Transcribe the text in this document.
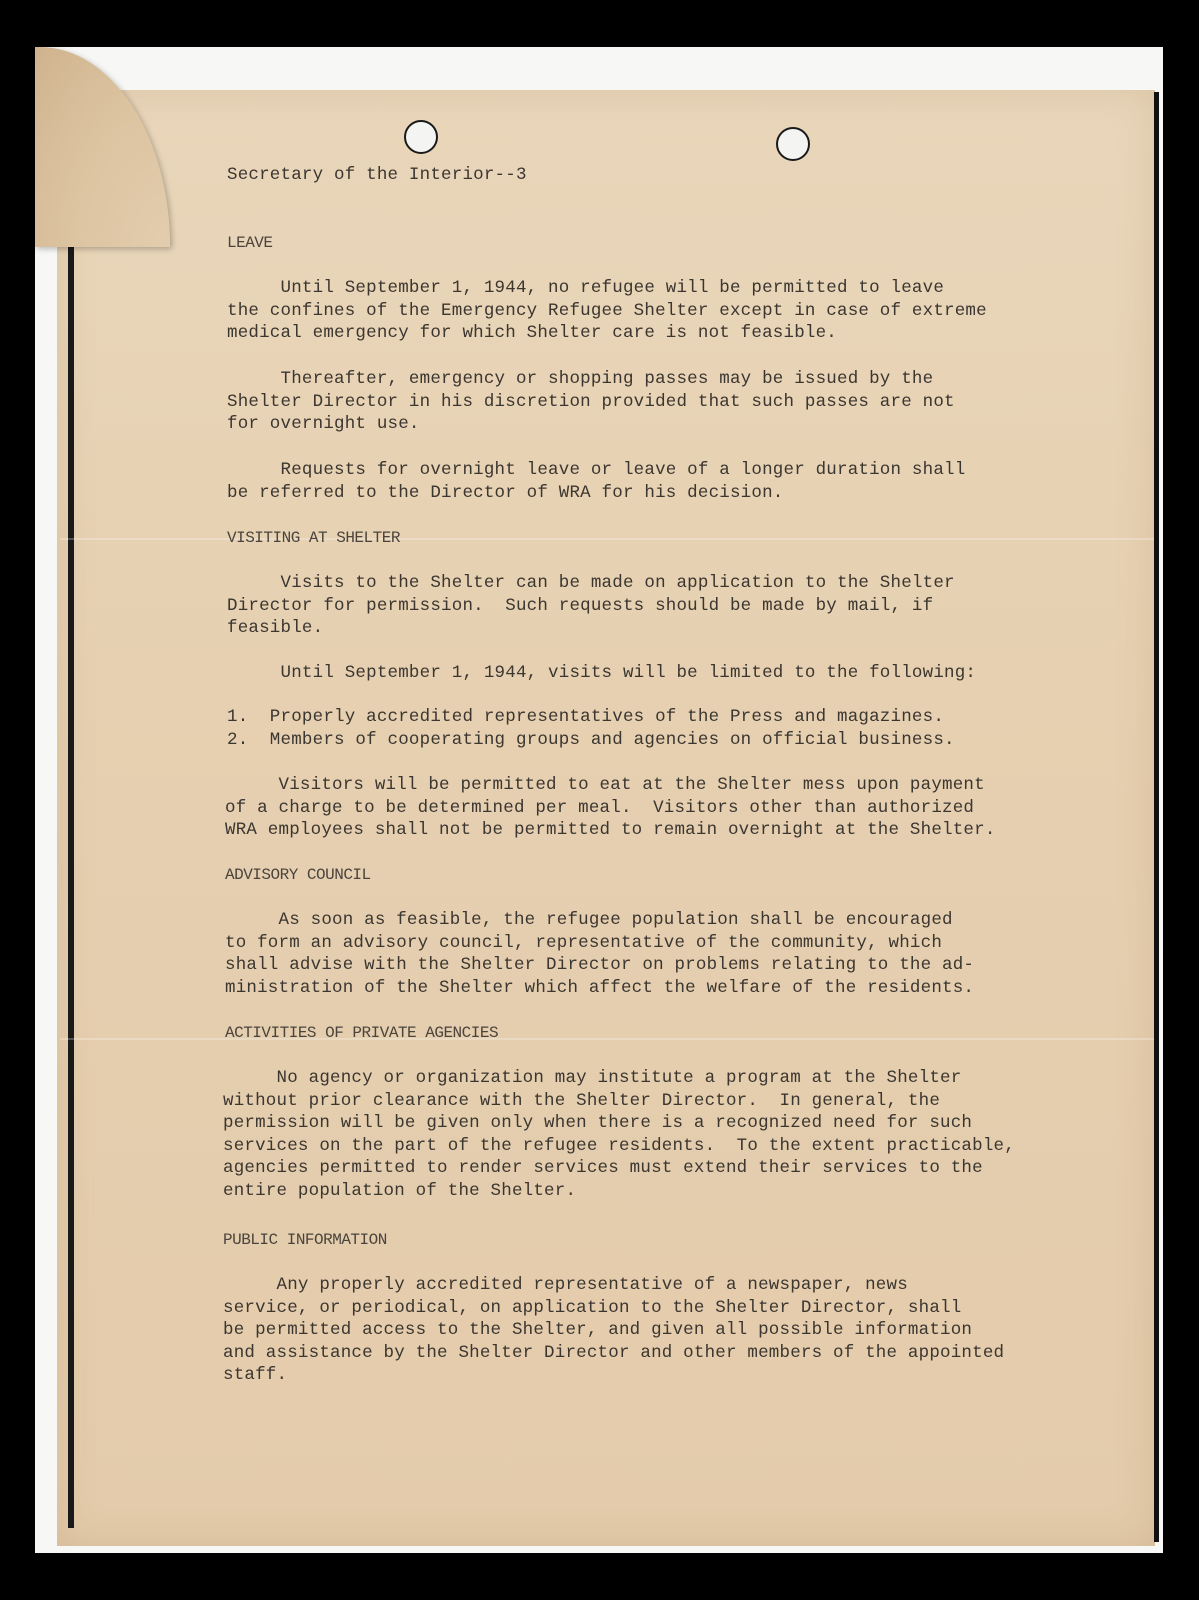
Secretary of the Interior--3
LEAVE
Until September 1, 1944, no refugee will be permitted to leave
the confines of the Emergency Refugee Shelter except in case of extreme
medical emergency for which Shelter care is not feasible.
Thereafter, emergency or shopping passes may be issued by the
Shelter Director in his discretion provided that such passes are not
for overnight use.
Requests for overnight leave or leave of a longer duration shall
be referred to the Director of WRA for his decision.
VISITING AT SHELTER
Visits to the Shelter can be made on application to the Shelter
Director for permission.  Such requests should be made by mail, if
feasible.
Until September 1, 1944, visits will be limited to the following:
1.  Properly accredited representatives of the Press and magazines.
2.  Members of cooperating groups and agencies on official business.
Visitors will be permitted to eat at the Shelter mess upon payment
of a charge to be determined per meal.  Visitors other than authorized
WRA employees shall not be permitted to remain overnight at the Shelter.
ADVISORY COUNCIL
As soon as feasible, the refugee population shall be encouraged
to form an advisory council, representative of the community, which
shall advise with the Shelter Director on problems relating to the ad-
ministration of the Shelter which affect the welfare of the residents.
ACTIVITIES OF PRIVATE AGENCIES
No agency or organization may institute a program at the Shelter
without prior clearance with the Shelter Director.  In general, the
permission will be given only when there is a recognized need for such
services on the part of the refugee residents.  To the extent practicable,
agencies permitted to render services must extend their services to the
entire population of the Shelter.
PUBLIC INFORMATION
Any properly accredited representative of a newspaper, news
service, or periodical, on application to the Shelter Director, shall
be permitted access to the Shelter, and given all possible information
and assistance by the Shelter Director and other members of the appointed
staff.
